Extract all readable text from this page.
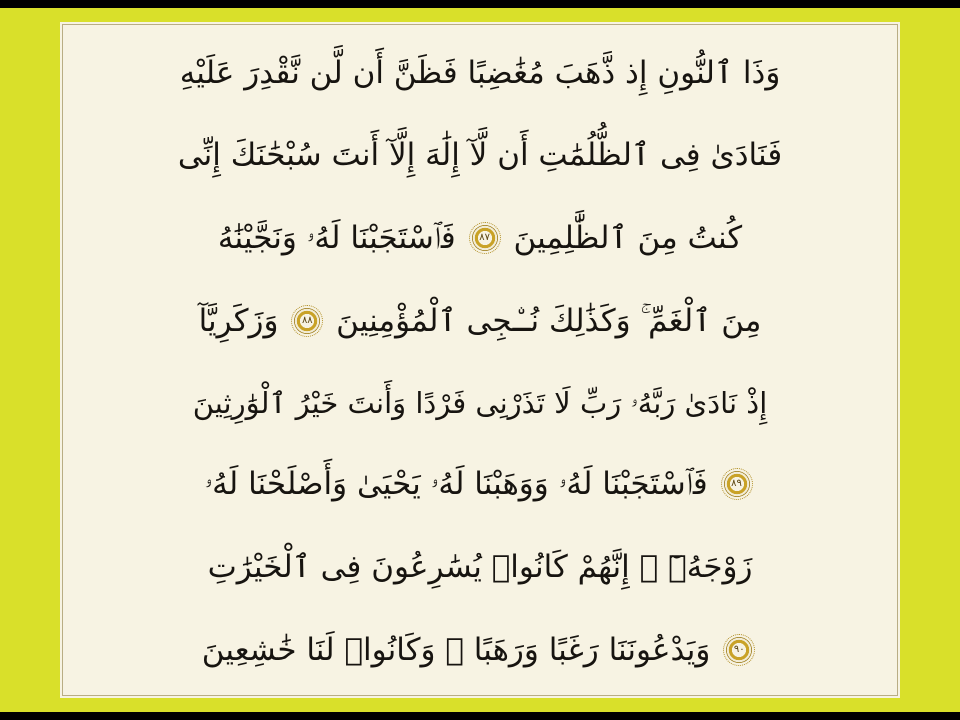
وَذَا ٱلنُّونِ إِذ ذَّهَبَ مُغَٰضِبًا فَظَنَّ أَن لَّن نَّقْدِرَ عَلَيْهِ
فَنَادَىٰ فِى ٱلظُّلُمَٰتِ أَن لَّآ إِلَٰهَ إِلَّآ أَنتَ سُبْحَٰنَكَ إِنِّى
كُنتُ مِنَ ٱلظَّٰلِمِينَ
٨٧
فَٱسْتَجَبْنَا لَهُۥ وَنَجَّيْنَٰهُ
مِنَ ٱلْغَمِّ ۚ وَكَذَٰلِكَ نُـۨجِى ٱلْمُؤْمِنِينَ
٨٨
وَزَكَرِيَّآ
إِذْ نَادَىٰ رَبَّهُۥ رَبِّ لَا تَذَرْنِى فَرْدًا وَأَنتَ خَيْرُ ٱلْوَٰرِثِينَ
٨٩
فَٱسْتَجَبْنَا لَهُۥ وَوَهَبْنَا لَهُۥ يَحْيَىٰ وَأَصْلَحْنَا لَهُۥ
زَوْجَهُۥٓ ۚ إِنَّهُمْ كَانُوا۟ يُسَٰرِعُونَ فِى ٱلْخَيْرَٰتِ
٩٠
وَيَدْعُونَنَا رَغَبًا وَرَهَبًا ۖ وَكَانُوا۟ لَنَا خَٰشِعِينَ
